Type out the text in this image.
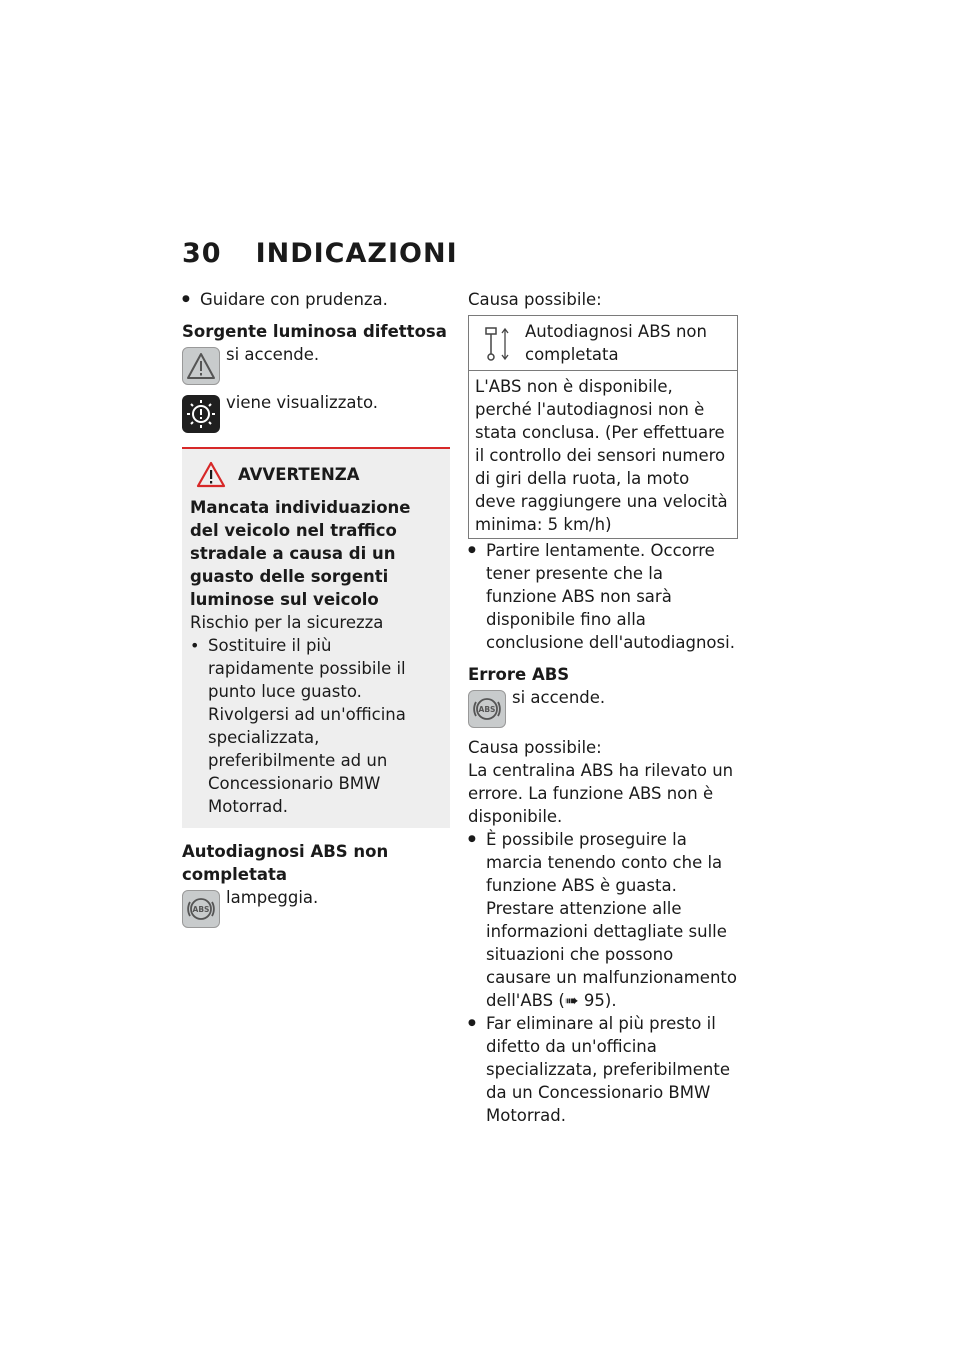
30 INDICAZIONI

● Guidare con prudenza.

Sorgente luminosa difettosa

si accende.

viene visualizzato.

AVVERTENZA

Mancata individuazione del veicolo nel traffico stradale a causa di un guasto delle sorgenti luminose sul veicolo

Rischio per la sicurezza

• Sostituire il più rapidamente possibile il punto luce guasto. Rivolgersi ad un'officina specializzata, preferibilmente ad un Concessionario BMW Motorrad.

Autodiagnosi ABS non completata

ABS

lampeggia.

Causa possibile:

Autodiagnosi ABS non completata

L'ABS non è disponibile, perché l'autodiagnosi non è stata conclusa. (Per effettuare il controllo dei sensori numero di giri della ruota, la moto deve raggiungere una velocità minima: 5 km/h)

● Partire lentamente. Occorre tener presente che la funzione ABS non sarà disponibile fino alla conclusione dell'autodiagnosi.

Errore ABS

ABS

si accende.

Causa possibile:

La centralina ABS ha rilevato un errore. La funzione ABS non è disponibile.

● È possibile proseguire la marcia tenendo conto che la funzione ABS è guasta. Prestare attenzione alle informazioni dettagliate sulle situazioni che possono causare un malfunzionamento dell'ABS (➠ 95).

● Far eliminare al più presto il difetto da un'officina specializzata, preferibilmente da un Concessionario BMW Motorrad.
